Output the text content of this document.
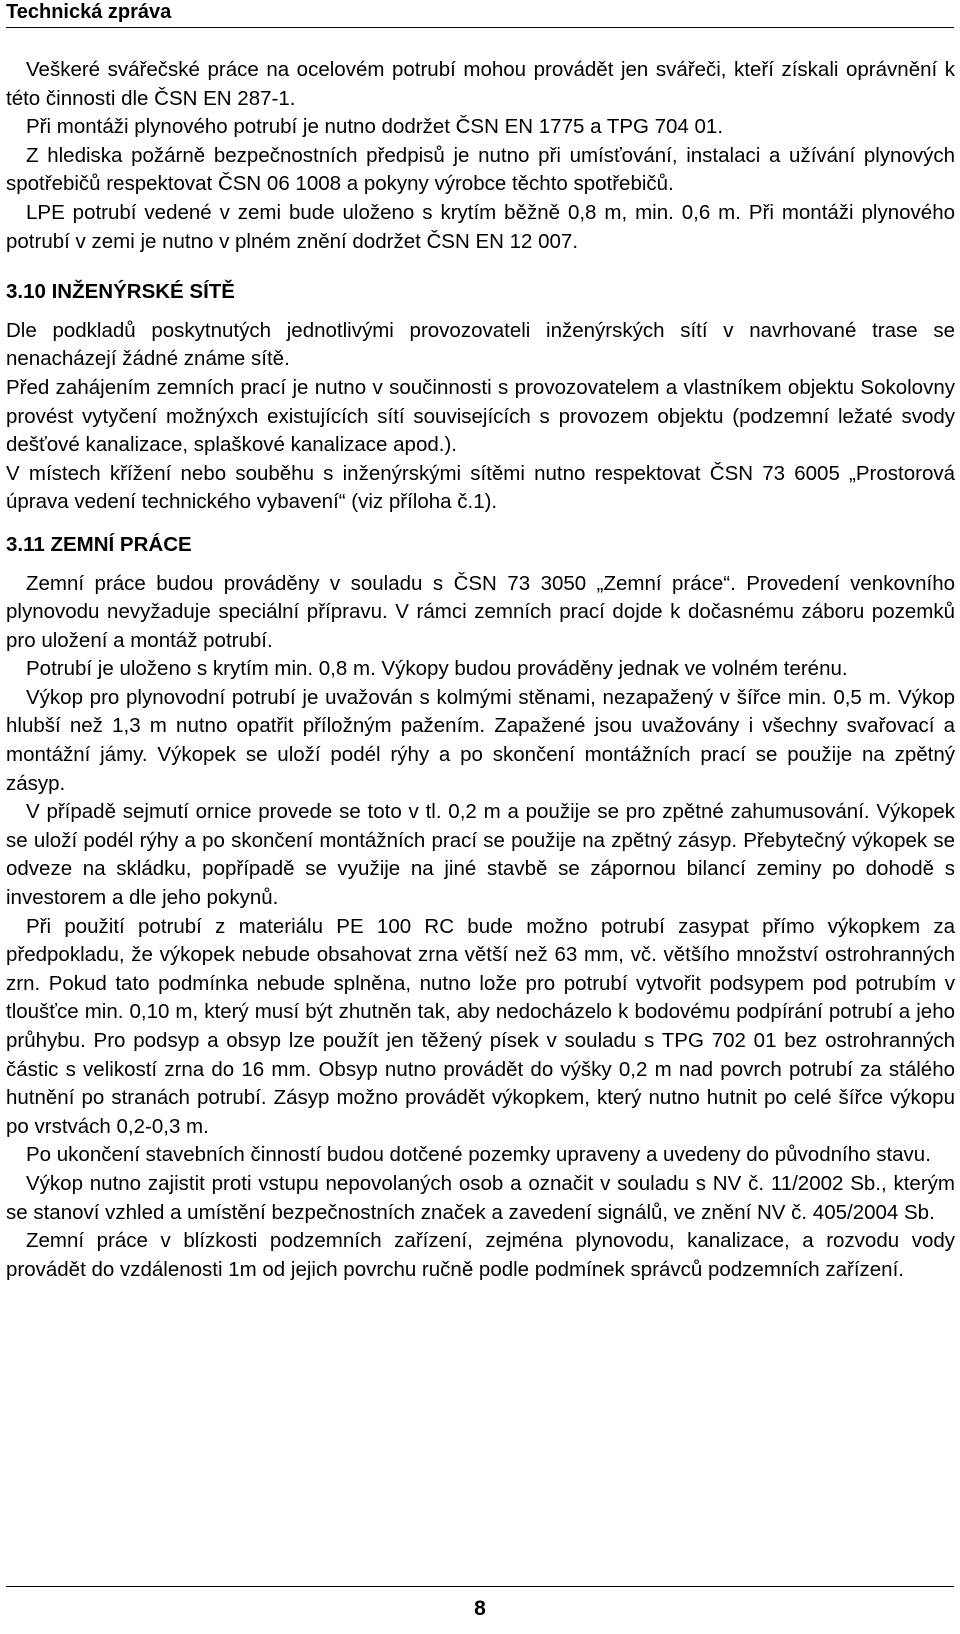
Technická zpráva

Veškeré svářečské práce na ocelovém potrubí mohou provádět jen svářeči, kteří získali oprávnění k této činnosti dle ČSN EN 287-1.

Při montáži plynového potrubí je nutno dodržet ČSN EN 1775 a TPG 704 01.

Z hlediska požárně bezpečnostních předpisů je nutno při umísťování, instalaci a užívání plynových spotřebičů respektovat ČSN 06 1008 a pokyny výrobce těchto spotřebičů.

LPE potrubí vedené v zemi bude uloženo s krytím běžně 0,8 m, min. 0,6 m. Při montáži plynového potrubí v zemi je nutno v plném znění dodržet ČSN EN 12 007.

3.10 INŽENÝRSKÉ SÍTĚ

Dle podkladů poskytnutých jednotlivými provozovateli inženýrských sítí v navrhované trase se nenacházejí žádné známe sítě.

Před zahájením zemních prací je nutno v součinnosti s provozovatelem a vlastníkem objektu Sokolovny provést vytyčení možnýxch existujících sítí souvisejících s provozem objektu (podzemní ležaté svody dešťové kanalizace, splaškové kanalizace apod.).

V místech křížení nebo souběhu s inženýrskými sítěmi nutno respektovat ČSN 73 6005 „Prostorová úprava vedení technického vybavení“ (viz příloha č.1).

3.11 ZEMNÍ PRÁCE

Zemní práce budou prováděny v souladu s ČSN 73 3050 „Zemní práce“. Provedení venkovního plynovodu nevyžaduje speciální přípravu. V rámci zemních prací dojde k dočasnému záboru pozemků pro uložení a montáž potrubí.

Potrubí je uloženo s krytím min. 0,8 m. Výkopy budou prováděny jednak ve volném terénu.

Výkop pro plynovodní potrubí je uvažován s kolmými stěnami, nezapažený v šířce min. 0,5 m. Výkop hlubší než 1,3 m nutno opatřit příložným pažením. Zapažené jsou uvažovány i všechny svařovací a montážní jámy. Výkopek se uloží podél rýhy a po skončení montážních prací se použije na zpětný zásyp.

V případě sejmutí ornice provede se toto v tl. 0,2 m a použije se pro zpětné zahumusování. Výkopek se uloží podél rýhy a po skončení montážních prací se použije na zpětný zásyp. Přebytečný výkopek se odveze na skládku, popřípadě se využije na jiné stavbě se zápornou bilancí zeminy po dohodě s investorem a dle jeho pokynů.

Při použití potrubí z materiálu PE 100 RC bude možno potrubí zasypat přímo výkopkem za předpokladu, že výkopek nebude obsahovat zrna větší než 63 mm, vč. většího množství ostrohranných zrn. Pokud tato podmínka nebude splněna, nutno lože pro potrubí vytvořit podsypem pod potrubím v tloušťce min. 0,10 m, který musí být zhutněn tak, aby nedocházelo k bodovému podpírání potrubí a jeho průhybu. Pro podsyp a obsyp lze použít jen těžený písek v souladu s TPG 702 01 bez ostrohranných částic s velikostí zrna do 16 mm. Obsyp nutno provádět do výšky 0,2 m nad povrch potrubí za stálého hutnění po stranách potrubí. Zásyp možno provádět výkopkem, který nutno hutnit po celé šířce výkopu po vrstvách 0,2-0,3 m.

Po ukončení stavebních činností budou dotčené pozemky upraveny a uvedeny do původního stavu.

Výkop nutno zajistit proti vstupu nepovolaných osob a označit v souladu s NV č. 11/2002 Sb., kterým se stanoví vzhled a umístění bezpečnostních značek a zavedení signálů, ve znění NV č. 405/2004 Sb.

Zemní práce v blízkosti podzemních zařízení, zejména plynovodu, kanalizace, a rozvodu vody provádět do vzdálenosti 1m od jejich povrchu ručně podle podmínek správců podzemních zařízení.

8
